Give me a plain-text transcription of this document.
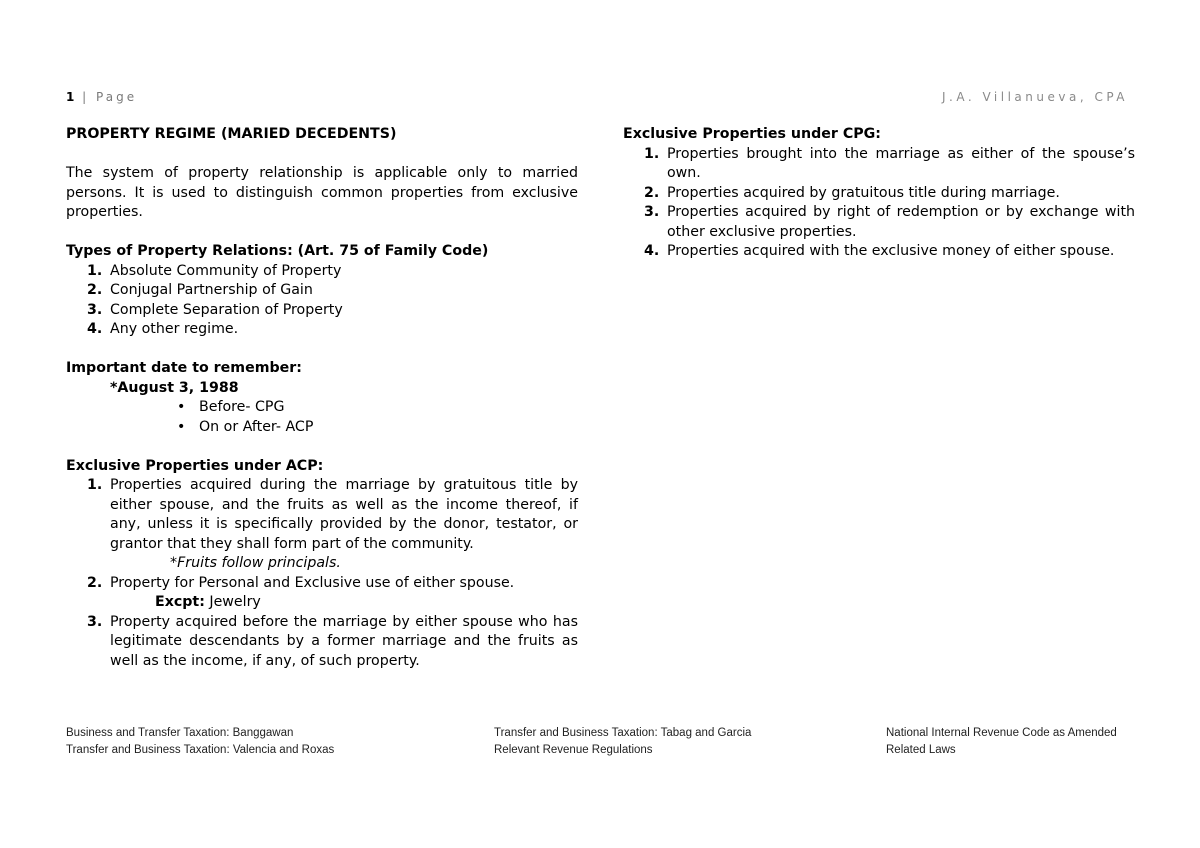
1 | Page	J.A. Villanueva, CPA
PROPERTY REGIME (MARIED DECEDENTS)

The system of property relationship is applicable only to married persons. It is used to distinguish common properties from exclusive properties.

Types of Property Relations: (Art. 75 of Family Code)
1. Absolute Community of Property
2. Conjugal Partnership of Gain
3. Complete Separation of Property
4. Any other regime.
Important date to remember:
*August 3, 1988
• Before- CPG
• On or After- ACP
Exclusive Properties under ACP:
1. Properties acquired during the marriage by gratuitous title by either spouse, and the fruits as well as the income thereof, if any, unless it is specifically provided by the donor, testator, or grantor that they shall form part of the community.
*Fruits follow principals.
2. Property for Personal and Exclusive use of either spouse.
Excpt: Jewelry
3. Property acquired before the marriage by either spouse who has legitimate descendants by a former marriage and the fruits as well as the income, if any, of such property.
Exclusive Properties under CPG:
1. Properties brought into the marriage as either of the spouse’s own.
2. Properties acquired by gratuitous title during marriage.
3. Properties acquired by right of redemption or by exchange with other exclusive properties.
4. Properties acquired with the exclusive money of either spouse.
Business and Transfer Taxation: Banggawan
Transfer and Business Taxation: Valencia and Roxas
Transfer and Business Taxation: Tabag and Garcia
Relevant Revenue Regulations
National Internal Revenue Code as Amended
Related Laws
